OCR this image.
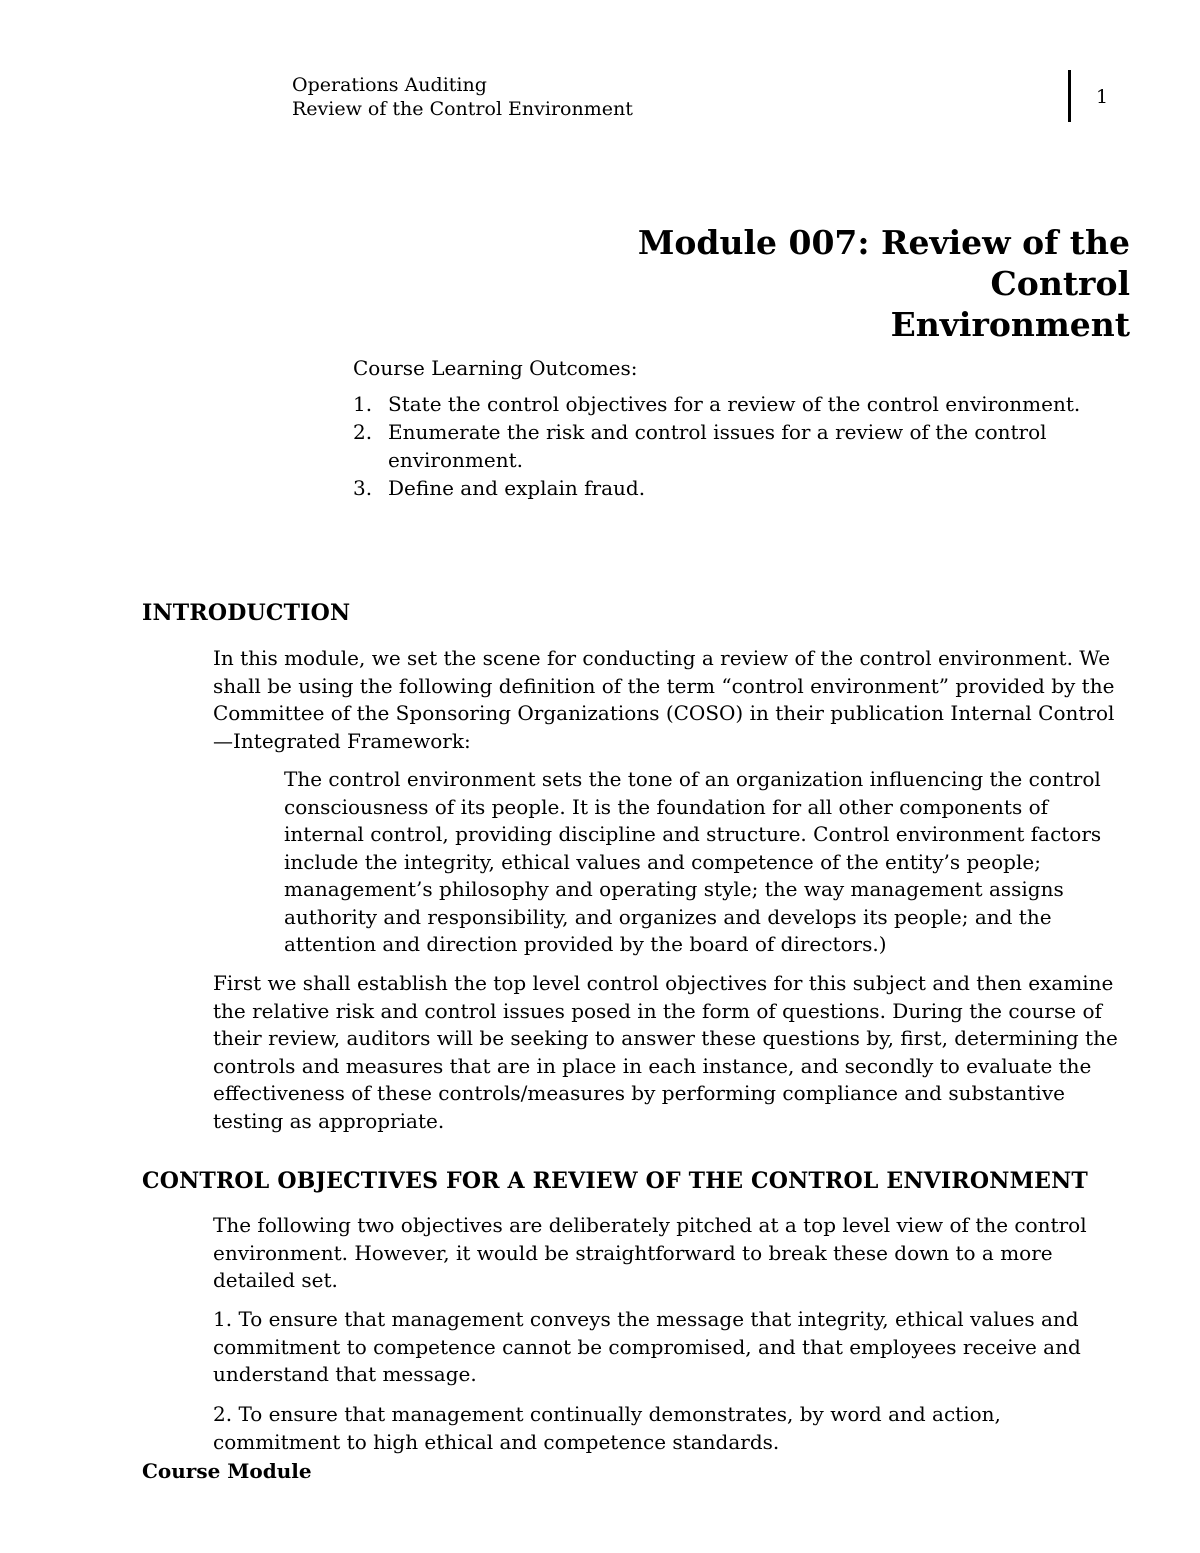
Operations Auditing
Review of the Control Environment
1
Module 007: Review of the Control
Environment

Course Learning Outcomes:

1. State the control objectives for a review of the control environment.
2. Enumerate the risk and control issues for a review of the control environment.
3. Define and explain fraud.
INTRODUCTION

In this module, we set the scene for conducting a review of the control environment. We shall be using the following definition of the term “control environment” provided by the Committee of the Sponsoring Organizations (COSO) in their publication Internal Control—Integrated Framework:

The control environment sets the tone of an organization influencing the control consciousness of its people. It is the foundation for all other components of internal control, providing discipline and structure. Control environment factors include the integrity, ethical values and competence of the entity’s people; management’s philosophy and operating style; the way management assigns authority and responsibility, and organizes and develops its people; and the attention and direction provided by the board of directors.)

First we shall establish the top level control objectives for this subject and then examine the relative risk and control issues posed in the form of questions. During the course of their review, auditors will be seeking to answer these questions by, first, determining the controls and measures that are in place in each instance, and secondly to evaluate the effectiveness of these controls/measures by performing compliance and substantive testing as appropriate.

CONTROL OBJECTIVES FOR A REVIEW OF THE CONTROL ENVIRONMENT

The following two objectives are deliberately pitched at a top level view of the control environment. However, it would be straightforward to break these down to a more detailed set.

1. To ensure that management conveys the message that integrity, ethical values and commitment to competence cannot be compromised, and that employees receive and understand that message.

2. To ensure that management continually demonstrates, by word and action, commitment to high ethical and competence standards.

Course Module
